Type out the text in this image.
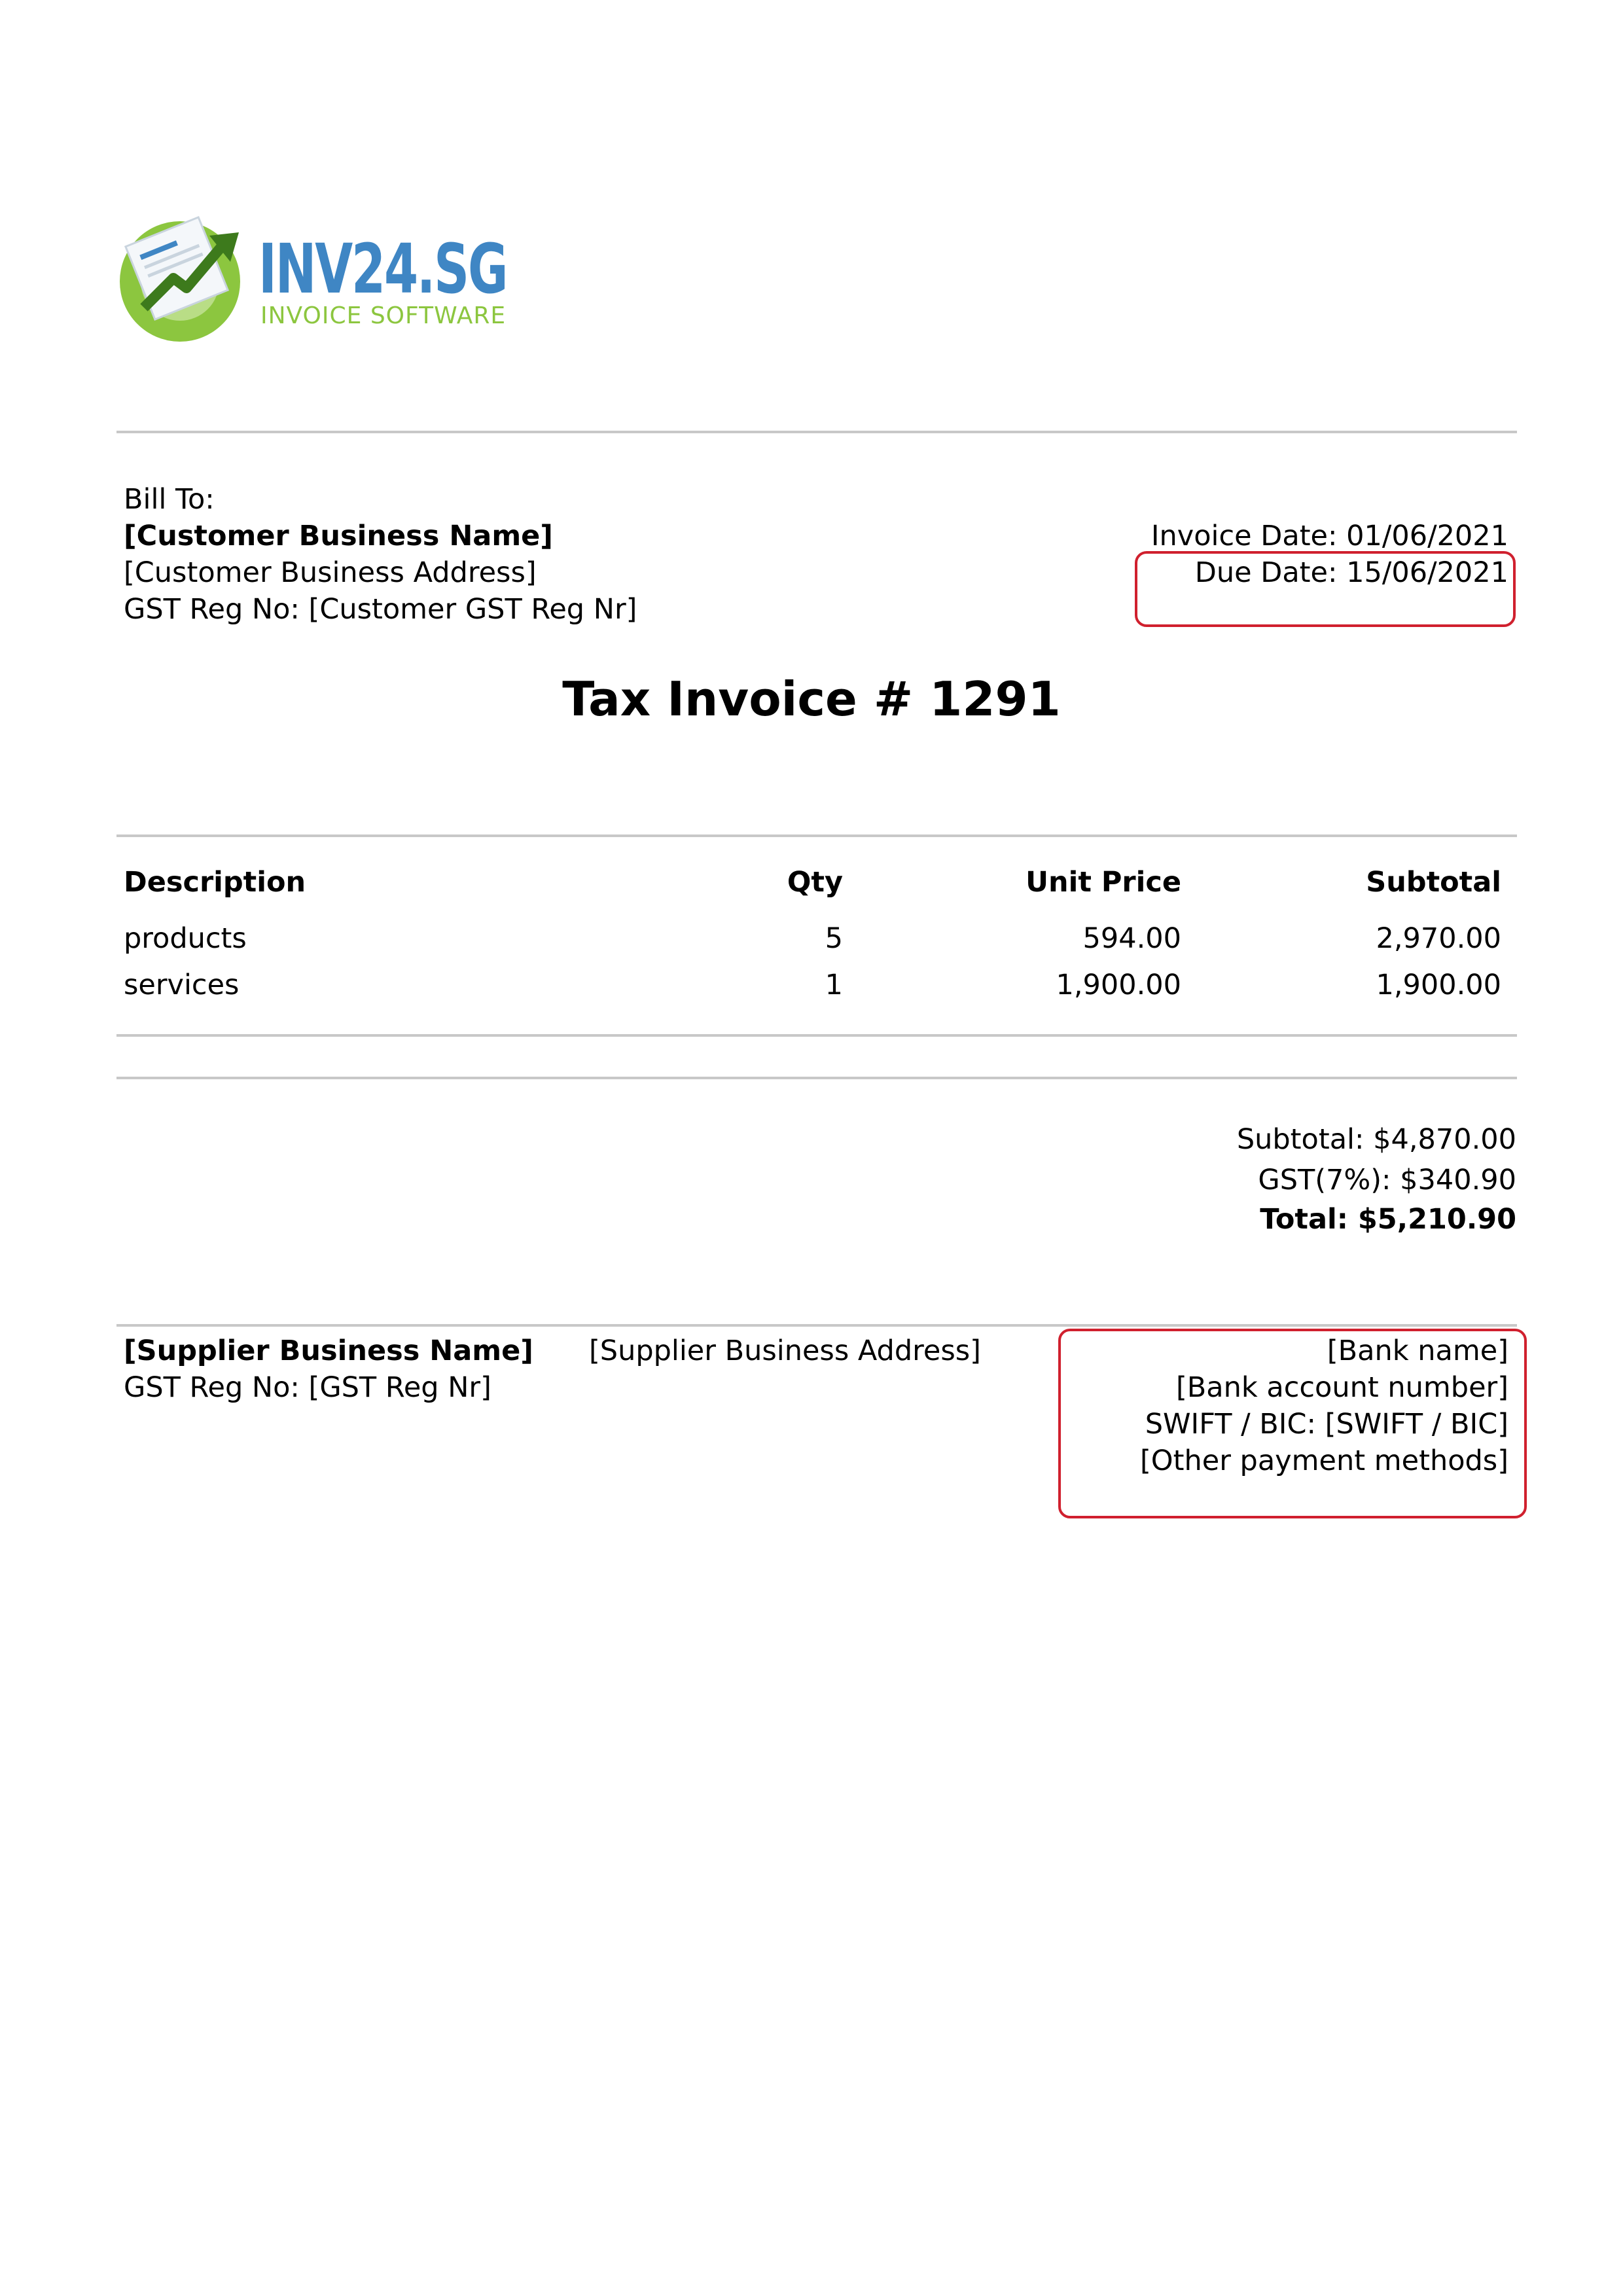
INV24.SG
INVOICE SOFTWARE
Bill To:
[Customer Business Name]
[Customer Business Address]
GST Reg No: [Customer GST Reg Nr]
Invoice Date: 01/06/2021
Due Date: 15/06/2021
Tax Invoice # 1291
Description	Qty	Unit Price	Subtotal
products	5	594.00	2,970.00
services	1	1,900.00	1,900.00
Subtotal: $4,870.00
GST(7%): $340.90
Total: $5,210.90
[Supplier Business Name]
GST Reg No: [GST Reg Nr]
[Supplier Business Address]	[Bank name]
[Bank account number]
SWIFT / BIC: [SWIFT / BIC]
[Other payment methods]
